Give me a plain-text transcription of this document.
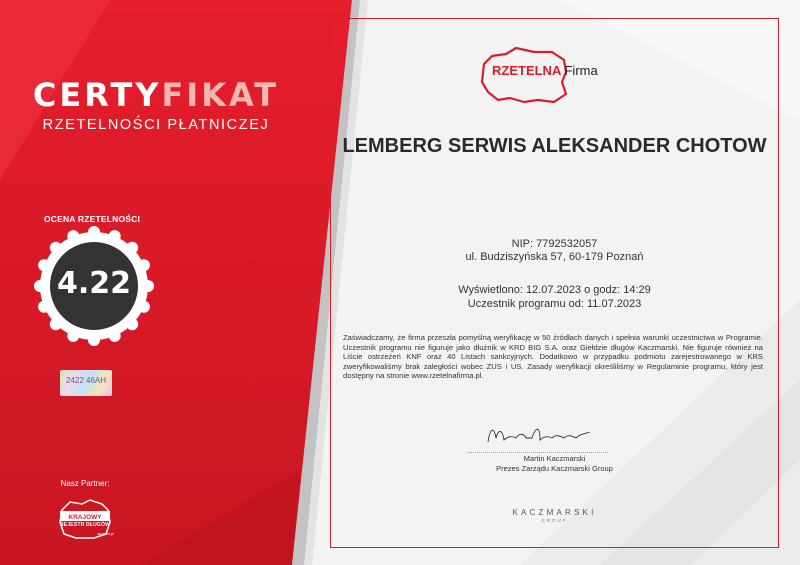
CERTYFIKAT
RZETELNOŚCI PŁATNICZEJ
OCENA RZETELNOŚCI
4.22
2422 46AH
Nasz Partner:
KRAJOWY
REJESTR DŁUGÓW
www.krd.pl
RZETELNA Firma
LEMBERG SERWIS ALEKSANDER CHOTOW
NIP: 7792532057
ul. Budziszyńska 57, 60-179 Poznań
Wyświetlono: 12.07.2023 o godz: 14:29
Uczestnik programu od: 11.07.2023
Zaświadczamy, że firma przeszła pomyślną weryfikację w 50 źródłach danych i spełnia warunki uczestnictwa w Programie. Uczestnik programu nie figuruje jako dłużnik w KRD BIG S.A. oraz Giełdzie długów Kaczmarski. Nie figuruje również na Liście ostrzeżeń KNF oraz 40 Listach sankcyjnych. Dodatkowo w przypadku podmiotu zarejestrowanego w KRS zweryfikowaliśmy brak zaległości wobec ZUS i US. Zasady weryfikacji określiliśmy w Regulaminie programu, który jest dostępny na stronie www.rzetelnafirma.pl.
Martin Kaczmarski
Prezes Zarządu Kaczmarski Group
KACZMARSKI
GROUP
